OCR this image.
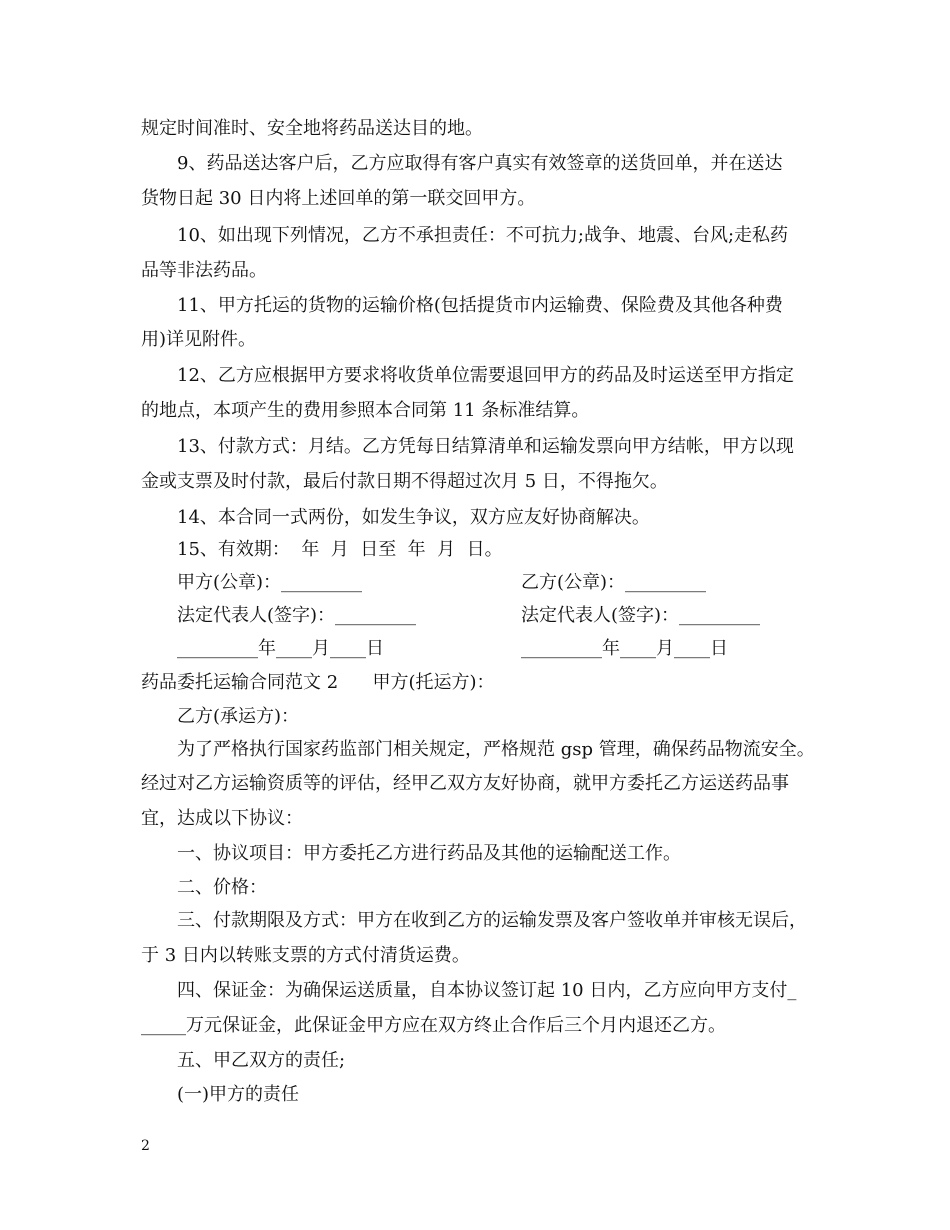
规定时间准时、安全地将药品送达目的地。
9、药品送达客户后，乙方应取得有客户真实有效签章的送货回单，并在送达
货物日起 30 日内将上述回单的第一联交回甲方。
10、如出现下列情况，乙方不承担责任：不可抗力;战争、地震、台风;走私药
品等非法药品。
11、甲方托运的货物的运输价格(包括提货市内运输费、保险费及其他各种费
用)详见附件。
12、乙方应根据甲方要求将收货单位需要退回甲方的药品及时运送至甲方指定
的地点，本项产生的费用参照本合同第 11 条标准结算。
13、付款方式：月结。乙方凭每日结算清单和运输发票向甲方结帐，甲方以现
金或支票及时付款，最后付款日期不得超过次月 5 日，不得拖欠。
14、本合同一式两份，如发生争议，双方应友好协商解决。
15、有效期：  年  月  日至  年  月  日。
甲方(公章)：_________	乙方(公章)：_________
法定代表人(签字)：_________	法定代表人(签字)：_________
_________年____月____日	_________年____月____日
药品委托运输合同范文 2      甲方(托运方)：
乙方(承运方)：
为了严格执行国家药监部门相关规定，严格规范 gsp 管理，确保药品物流安全。
经过对乙方运输资质等的评估，经甲乙双方友好协商，就甲方委托乙方运送药品事
宜，达成以下协议：
一、协议项目：甲方委托乙方进行药品及其他的运输配送工作。
二、价格：
三、付款期限及方式：甲方在收到乙方的运输发票及客户签收单并审核无误后，
于 3 日内以转账支票的方式付清货运费。
四、保证金：为确保运送质量，自本协议签订起 10 日内，乙方应向甲方支付_
_____万元保证金，此保证金甲方应在双方终止合作后三个月内退还乙方。
五、甲乙双方的责任;
(一)甲方的责任
2
